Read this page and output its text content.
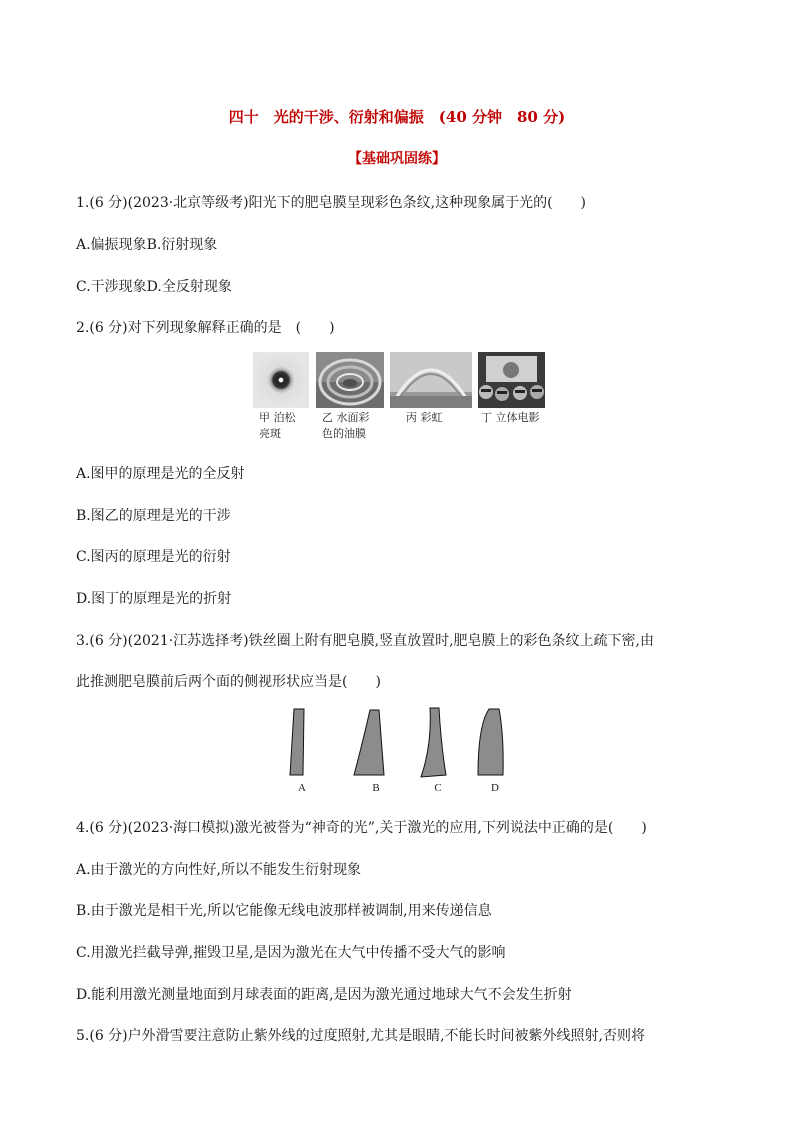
四十　光的干涉、衍射和偏振　(40 分钟　80 分)
【基础巩固练】
1.(6 分)(2023·北京等级考)阳光下的肥皂膜呈现彩色条纹,这种现象属于光的(　　)
A.偏振现象B.衍射现象
C.干涉现象D.全反射现象
2.(6 分)对下列现象解释正确的是　(　　)
甲 泊松
亮斑
乙 水面彩
色的油膜
丙 彩虹	丁 立体电影
A.图甲的原理是光的全反射
B.图乙的原理是光的干涉
C.图丙的原理是光的衍射
D.图丁的原理是光的折射
3.(6 分)(2021·江苏选择考)铁丝圈上附有肥皂膜,竖直放置时,肥皂膜上的彩色条纹上疏下密,由
此推测肥皂膜前后两个面的侧视形状应当是(　　)
A	B	C	D
4.(6 分)(2023·海口模拟)激光被誉为“神奇的光”,关于激光的应用,下列说法中正确的是(　　)
A.由于激光的方向性好,所以不能发生衍射现象
B.由于激光是相干光,所以它能像无线电波那样被调制,用来传递信息
C.用激光拦截导弹,摧毁卫星,是因为激光在大气中传播不受大气的影响
D.能利用激光测量地面到月球表面的距离,是因为激光通过地球大气不会发生折射
5.(6 分)户外滑雪要注意防止紫外线的过度照射,尤其是眼睛,不能长时间被紫外线照射,否则将
